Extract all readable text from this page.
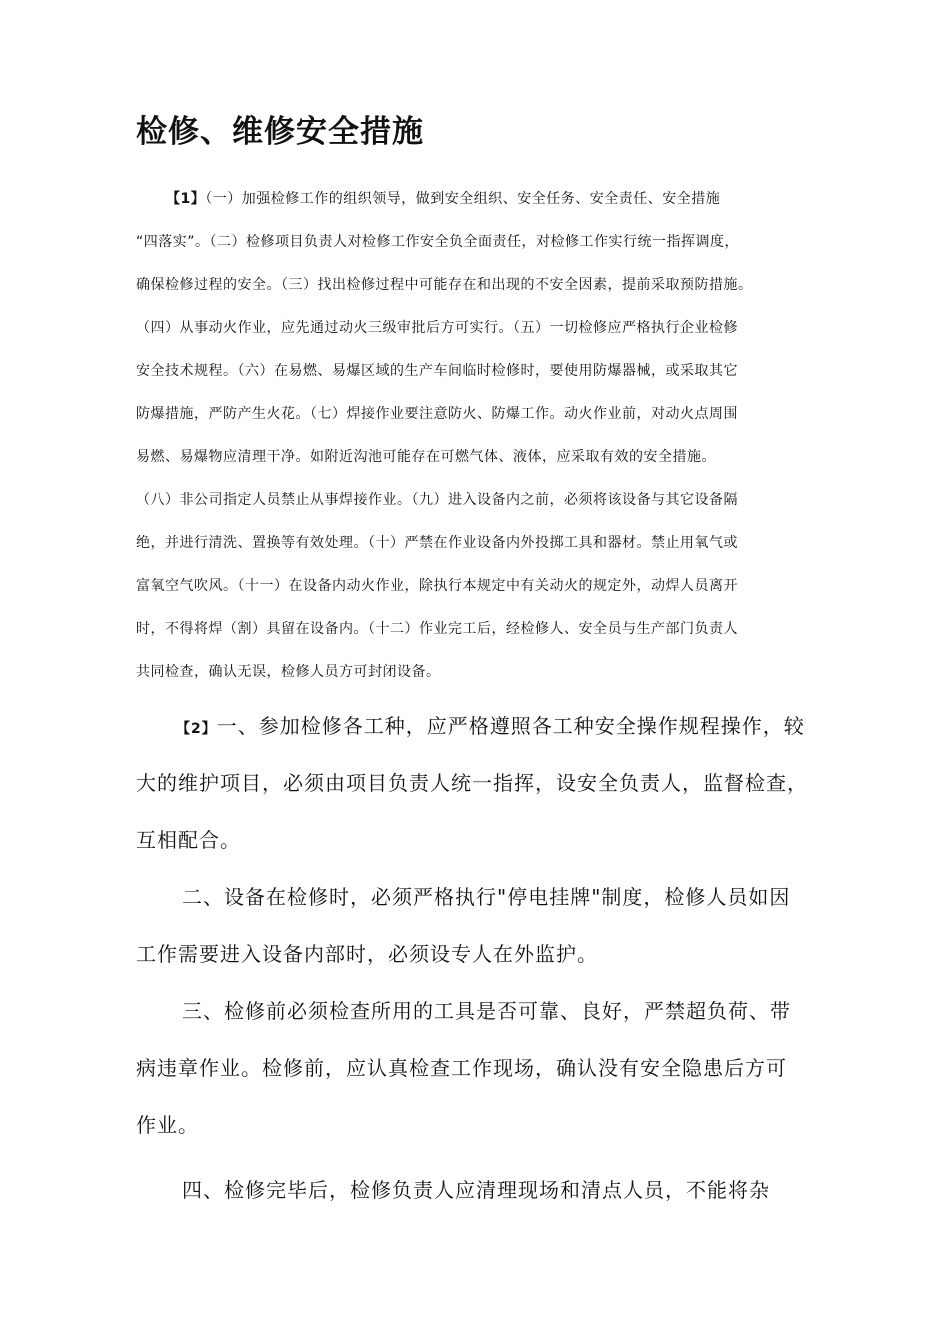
检修、维修安全措施
【1】（一）加强检修工作的组织领导，做到安全组织、安全任务、安全责任、安全措施
“四落实”。（二）检修项目负责人对检修工作安全负全面责任，对检修工作实行统一指挥调度，
确保检修过程的安全。（三）找出检修过程中可能存在和出现的不安全因素，提前采取预防措施。
（四）从事动火作业，应先通过动火三级审批后方可实行。（五）一切检修应严格执行企业检修
安全技术规程。（六）在易燃、易爆区域的生产车间临时检修时，要使用防爆器械，或采取其它
防爆措施，严防产生火花。（七）焊接作业要注意防火、防爆工作。动火作业前，对动火点周围
易燃、易爆物应清理干净。如附近沟池可能存在可燃气体、液体，应采取有效的安全措施。
（八）非公司指定人员禁止从事焊接作业。（九）进入设备内之前，必须将该设备与其它设备隔
绝，并进行清洗、置换等有效处理。（十）严禁在作业设备内外投掷工具和器材。禁止用氧气或
富氧空气吹风。（十一）在设备内动火作业，除执行本规定中有关动火的规定外，动焊人员离开
时，不得将焊（割）具留在设备内。（十二）作业完工后，经检修人、安全员与生产部门负责人
共同检查，确认无误，检修人员方可封闭设备。
【2】一、参加检修各工种，应严格遵照各工种安全操作规程操作，较
大的维护项目，必须由项目负责人统一指挥，设安全负责人，监督检查，
互相配合。
二、设备在检修时，必须严格执行"停电挂牌"制度，检修人员如因
工作需要进入设备内部时，必须设专人在外监护。
三、检修前必须检查所用的工具是否可靠、良好，严禁超负荷、带
病违章作业。检修前，应认真检查工作现场，确认没有安全隐患后方可
作业。
四、检修完毕后，检修负责人应清理现场和清点人员，不能将杂
